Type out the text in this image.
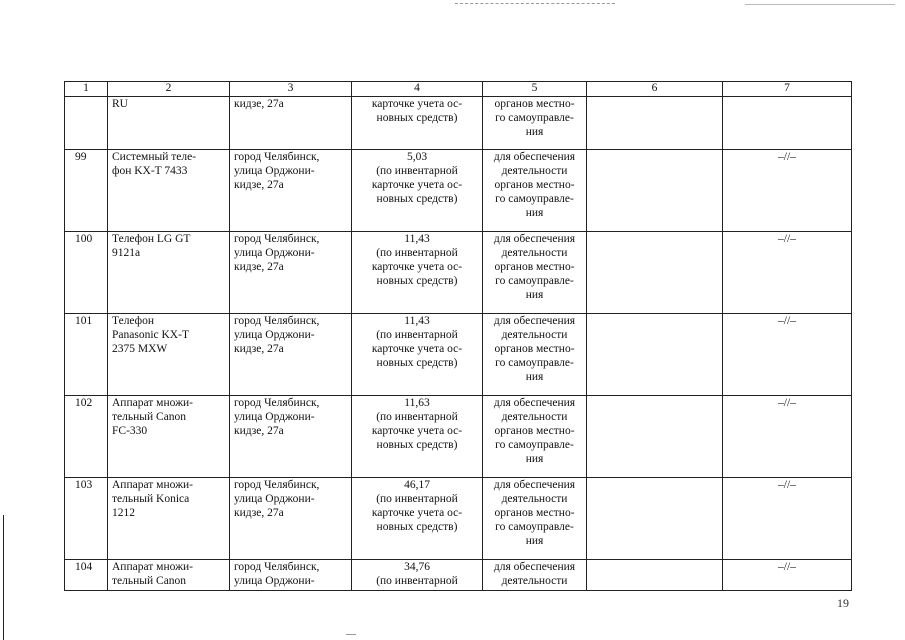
1	2	3	4	5	6	7
	RU	кидзе, 27а	карточке учета ос-
новных средств)	органов местно-
го самоуправле-
ния		
99	Системный теле-
фон KX-T 7433	город Челябинск,
улица Орджони-
кидзе, 27а	5,03
(по инвентарной
карточке учета ос-
новных средств)	для обеспечения
деятельности
органов местно-
го самоуправле-
ния		–//–
100	Телефон LG GT
9121а	город Челябинск,
улица Орджони-
кидзе, 27а	11,43
(по инвентарной
карточке учета ос-
новных средств)	для обеспечения
деятельности
органов местно-
го самоуправле-
ния		–//–
101	Телефон
Panasonic KX-T
2375 MXW	город Челябинск,
улица Орджони-
кидзе, 27а	11,43
(по инвентарной
карточке учета ос-
новных средств)	для обеспечения
деятельности
органов местно-
го самоуправле-
ния		–//–
102	Аппарат множи-
тельный Canon
FC-330	город Челябинск,
улица Орджони-
кидзе, 27а	11,63
(по инвентарной
карточке учета ос-
новных средств)	для обеспечения
деятельности
органов местно-
го самоуправле-
ния		–//–
103	Аппарат множи-
тельный Konica
1212	город Челябинск,
улица Орджони-
кидзе, 27а	46,17
(по инвентарной
карточке учета ос-
новных средств)	для обеспечения
деятельности
органов местно-
го самоуправле-
ния		–//–
104	Аппарат множи-
тельный Canon	город Челябинск,
улица Орджони-	34,76
(по инвентарной	для обеспечения
деятельности		–//–
19
